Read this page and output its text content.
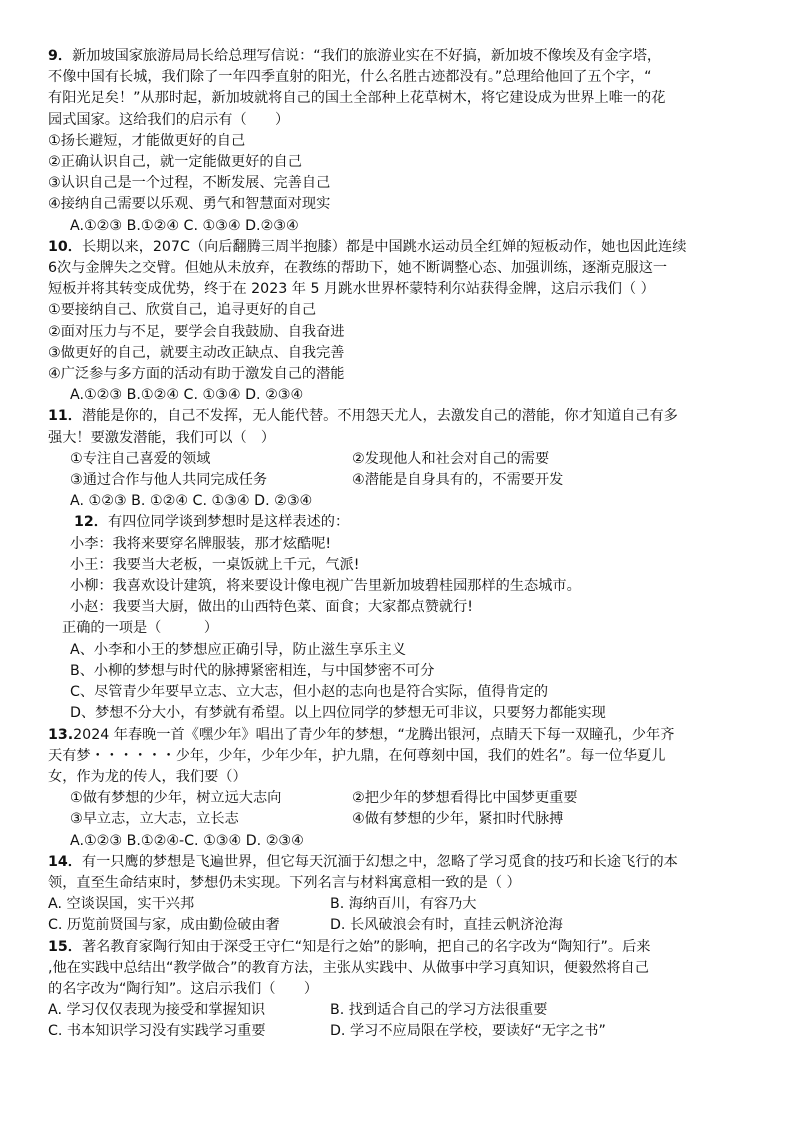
9．新加坡国家旅游局局长给总理写信说：“我们的旅游业实在不好搞，新加坡不像埃及有金字塔，
不像中国有长城，我们除了一年四季直射的阳光，什么名胜古迹都没有。”总理给他回了五个字，“
有阳光足矣！”从那时起，新加坡就将自己的国土全部种上花草树木，将它建设成为世界上唯一的花
园式国家。这给我们的启示有（　　）
①扬长避短，才能做更好的自己
②正确认识自己，就一定能做更好的自己
③认识自己是一个过程，不断发展、完善自己
④接纳自己需要以乐观、勇气和智慧面对现实
A.①②③ B.①②④ C. ①③④ D.②③④
10．长期以来，207C（向后翻腾三周半抱膝）都是中国跳水运动员全红婵的短板动作，她也因此连续
6次与金牌失之交臂。但她从未放弃，在教练的帮助下，她不断调整心态、加强训练，逐渐克服这一
短板并将其转变成优势，终于在 2023 年 5 月跳水世界杯蒙特利尔站获得金牌，这启示我们（ ）
①要接纳自己、欣赏自己，追寻更好的自己
②面对压力与不足，要学会自我鼓励、自我奋进
③做更好的自己，就要主动改正缺点、自我完善
④广泛参与多方面的活动有助于激发自己的潜能
A.①②③ B.①②④ C. ①③④ D. ②③④
11．潜能是你的，自己不发挥，无人能代替。不用怨天尤人，去激发自己的潜能，你才知道自己有多
强大！要激发潜能，我们可以（　）
①专注自己喜爱的领域	②发现他人和社会对自己的需要
③通过合作与他人共同完成任务	④潜能是自身具有的，不需要开发
A. ①②③ B. ①②④ C. ①③④ D. ②③④
12．有四位同学谈到梦想时是这样表述的：
小李：我将来要穿名牌服装，那才炫酷呢!
小王：我要当大老板，一桌饭就上千元，气派!
小柳：我喜欢设计建筑，将来要设计像电视广告里新加坡碧桂园那样的生态城市。
小赵：我要当大厨，做出的山西特色菜、面食；大家都点赞就行!
正确的一项是（　　　）
A、小李和小王的梦想应正确引导，防止滋生享乐主义
B、小柳的梦想与时代的脉搏紧密相连，与中国梦密不可分
C、尽管青少年要早立志、立大志，但小赵的志向也是符合实际，值得肯定的
D、梦想不分大小，有梦就有希望。以上四位同学的梦想无可非议，只要努力都能实现
13.2024 年春晚一首《嘿少年》唱出了青少年的梦想，“龙腾出银河，点睛天下每一双瞳孔，少年齐
天有梦・・・・・・少年，少年，少年少年，护九鼎，在何尊刻中国，我们的姓名”。每一位华夏儿
女，作为龙的传人，我们要（）
①做有梦想的少年，树立远大志向	②把少年的梦想看得比中国梦更重要
③早立志，立大志，立长志	④做有梦想的少年，紧扣时代脉搏
A.①②③ B.①②④-C. ①③④ D. ②③④
14．有一只鹰的梦想是飞遍世界，但它每天沉湎于幻想之中，忽略了学习觅食的技巧和长途飞行的本
领，直至生命结束时，梦想仍未实现。下列名言与材料寓意相一致的是（ ）
A. 空谈误国，实干兴邦	B. 海纳百川，有容乃大
C. 历览前贤国与家，成由勤俭破由奢	D. 长风破浪会有时，直挂云帆济沧海
15．著名教育家陶行知由于深受王守仁“知是行之始”的影响，把自己的名字改为“陶知行”。后来
,他在实践中总结出“教学做合”的教育方法，主张从实践中、从做事中学习真知识，便毅然将自己
的名字改为“陶行知”。这启示我们（　　）
A. 学习仅仅表现为接受和掌握知识	B. 找到适合自己的学习方法很重要
C. 书本知识学习没有实践学习重要	D. 学习不应局限在学校，要读好“无字之书”
